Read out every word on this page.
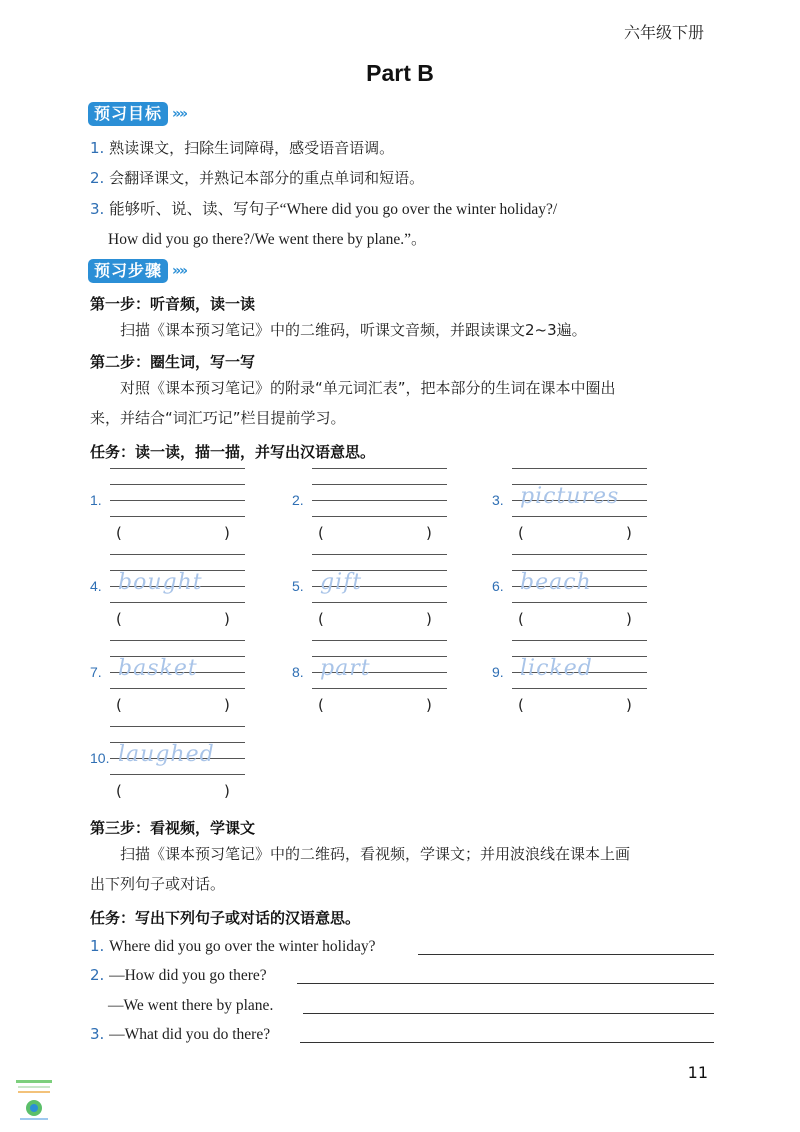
六年级下册
Part B
预习目标 »»
1. 熟读课文，扫除生词障碍，感受语音语调。
2. 会翻译课文，并熟记本部分的重点单词和短语。
3. 能够听、说、读、写句子“Where did you go over the winter holiday?/
How did you go there?/We went there by plane.”。
预习步骤 »»
第一步：听音频，读一读
扫描《课本预习笔记》中的二维码，听课文音频，并跟读课文2~3遍。
第二步：圈生词，写一写
对照《课本预习笔记》的附录“单元词汇表”，把本部分的生词在课本中圈出
来，并结合“词汇巧记”栏目提前学习。
任务：读一读，描一描，并写出汉语意思。
1.
(	)
2.
(	)
3. pictures
(	)
4. bought
(	)
5. gift
(	)
6. beach
(	)
7. basket
(	)
8. part
(	)
9. licked
(	)
10. laughed
(	)
第三步：看视频，学课文
扫描《课本预习笔记》中的二维码，看视频，学课文；并用波浪线在课本上画
出下列句子或对话。
任务：写出下列句子或对话的汉语意思。
1. Where did you go over the winter holiday?
2. —How did you go there?
—We went there by plane.
3. —What did you do there?
11
